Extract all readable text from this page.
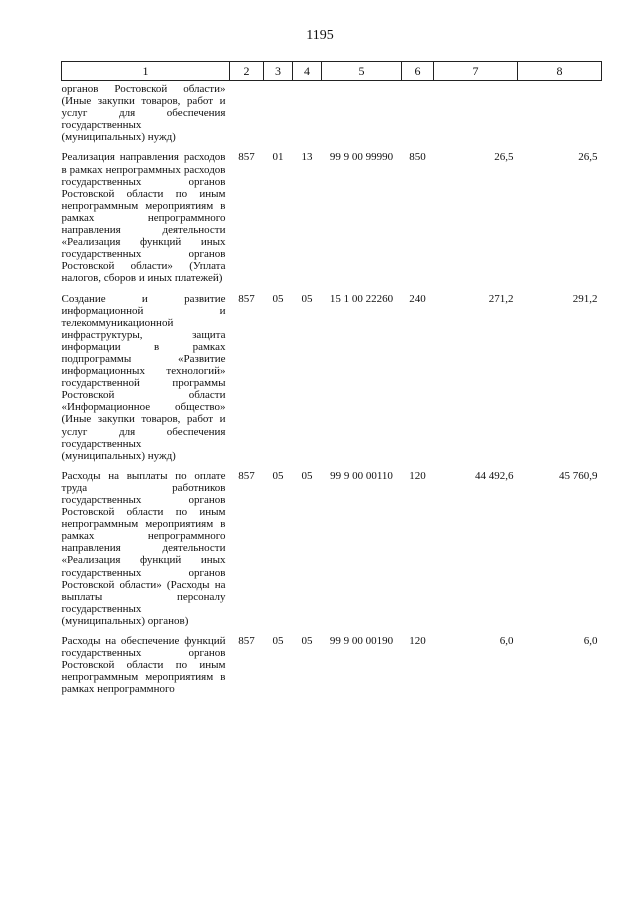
1195
1	2	3	4	5	6	7	8
органов Ростовской области» (Иные закупки товаров, работ и услуг для обеспечения государственных (муниципальных) нужд)							
Реализация направления расходов в рамках непрограммных расходов государственных органов Ростовской области по иным непрограммным мероприятиям в рамках непрограммного направления деятельности «Реализация функций иных государственных органов Ростовской области» (Уплата налогов, сборов и иных платежей)	857	01	13	99 9 00 99990	850	26,5	26,5
Создание и развитие информационной и телекоммуникационной инфраструктуры, защита информации в рамках подпрограммы «Развитие информационных технологий» государственной программы Ростовской области «Информационное общество» (Иные закупки товаров, работ и услуг для обеспечения государственных (муниципальных) нужд)	857	05	05	15 1 00 22260	240	271,2	291,2
Расходы на выплаты по оплате труда работников государственных органов Ростовской области по иным непрограммным мероприятиям в рамках непрограммного направления деятельности «Реализация функций иных государственных органов Ростовской области» (Расходы на выплаты персоналу государственных (муниципальных) органов)	857	05	05	99 9 00 00110	120	44 492,6	45 760,9
Расходы на обеспечение функций государственных органов Ростовской области по иным непрограммным мероприятиям в рамках непрограммного	857	05	05	99 9 00 00190	120	6,0	6,0
